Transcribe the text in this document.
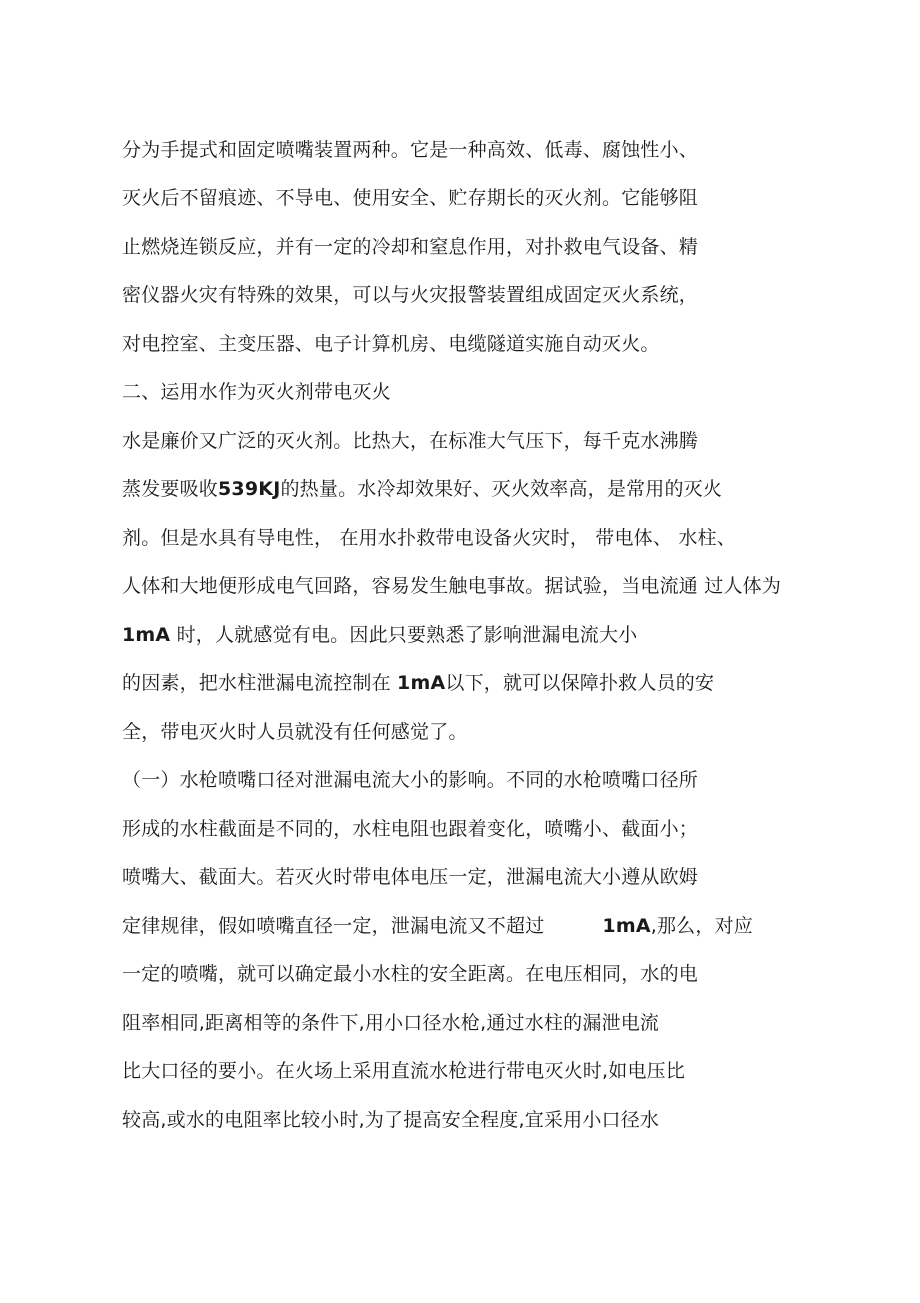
分为手提式和固定喷嘴装置两种。它是一种高效、低毒、腐蚀性小、
灭火后不留痕迹、不导电、使用安全、贮存期长的灭火剂。它能够阻
止燃烧连锁反应，并有一定的冷却和窒息作用，对扑救电气设备、精
密仪器火灾有特殊的效果，可以与火灾报警装置组成固定灭火系统，
对电控室、主变压器、电子计算机房、电缆隧道实施自动灭火。
二、运用水作为灭火剂带电灭火
水是廉价又广泛的灭火剂。比热大，在标准大气压下，每千克水沸腾
蒸发要吸收539KJ的热量。水冷却效果好、灭火效率高，是常用的灭火
剂。但是水具有导电性， 在用水扑救带电设备火灾时， 带电体、 水柱、
人体和大地便形成电气回路，容易发生触电事故。据试验，当电流通 过人体为
1mA 时，人就感觉有电。因此只要熟悉了影响泄漏电流大小
的因素，把水柱泄漏电流控制在 1mA以下，就可以保障扑救人员的安
全，带电灭火时人员就没有任何感觉了。
（一）水枪喷嘴口径对泄漏电流大小的影响。不同的水枪喷嘴口径所
形成的水柱截面是不同的，水柱电阻也跟着变化，喷嘴小、截面小；
喷嘴大、截面大。若灭火时带电体电压一定，泄漏电流大小遵从欧姆
定律规律，假如喷嘴直径一定，泄漏电流又不超过	1mA,那么，对应
一定的喷嘴，就可以确定最小水柱的安全距离。在电压相同，水的电
阻率相同,距离相等的条件下,用小口径水枪,通过水柱的漏泄电流
比大口径的要小。在火场上采用直流水枪进行带电灭火时,如电压比
较高,或水的电阻率比较小时,为了提高安全程度,宜采用小口径水
